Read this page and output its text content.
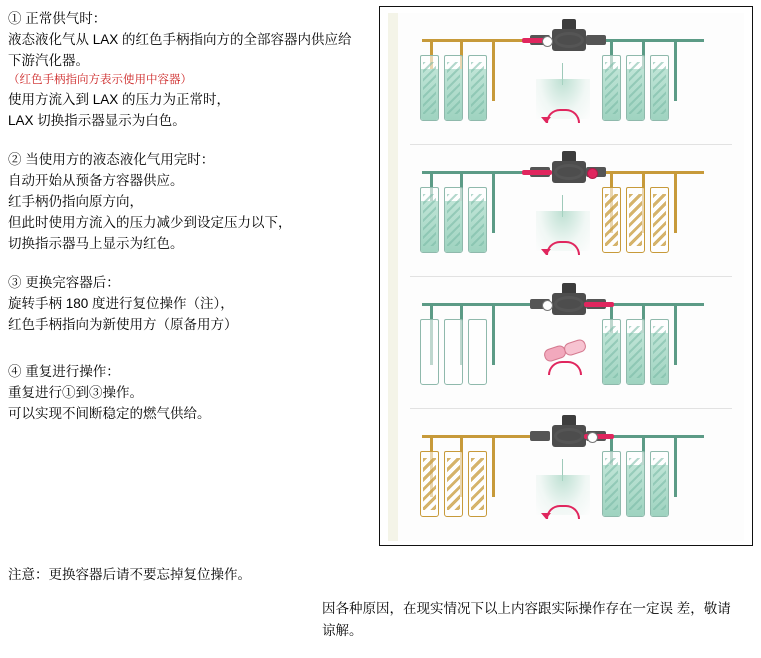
① 正常供气时：
液态液化气从 LAX 的红色手柄指向方的全部容器内供应给
下游汽化器。
（红色手柄指向方表示使用中容器）
使用方流入到 LAX 的压力为正常时，
LAX 切换指示器显示为白色。
② 当使用方的液态液化气用完时：
自动开始从预备方容器供应。
红手柄仍指向原方向，
但此时使用方流入的压力减少到设定压力以下，
切换指示器马上显示为红色。
③ 更换完容器后：
旋转手柄 180 度进行复位操作（注），
红色手柄指向为新使用方（原备用方）
④ 重复进行操作：
重复进行①到③操作。
可以实现不间断稳定的燃气供给。
注意：更换容器后请不要忘掉复位操作。
因各种原因，在现实情况下以上内容跟实际操作存在一定误 差，敬请谅解。
